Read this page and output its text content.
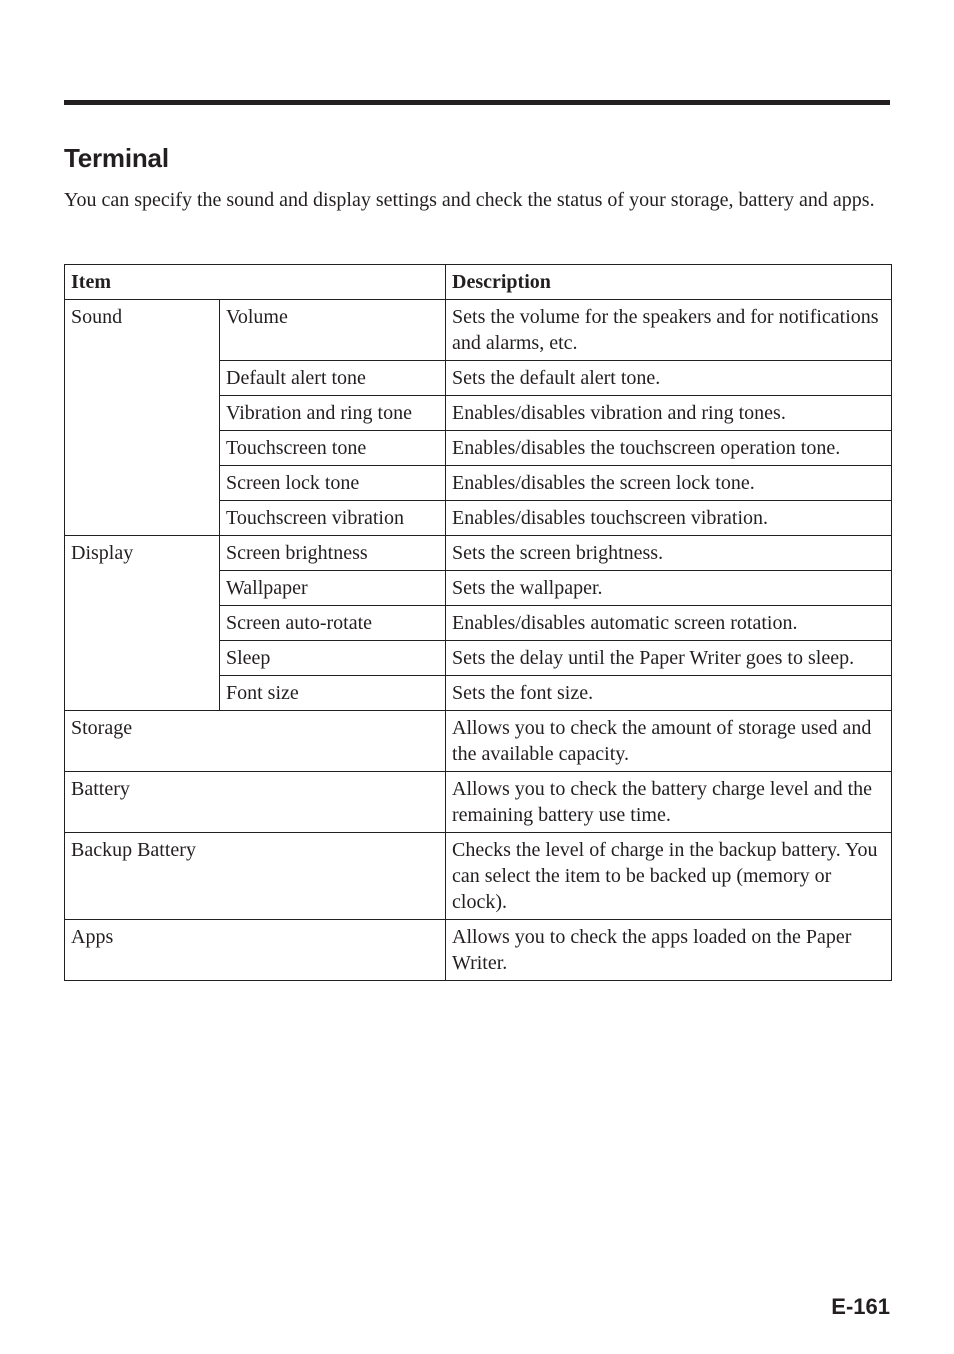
Terminal

You can specify the sound and display settings and check the status of your storage, battery and apps.

Item		Description
Sound	Volume	Sets the volume for the speakers and for notifications and alarms, etc.
	Default alert tone	Sets the default alert tone.
	Vibration and ring tone	Enables/disables vibration and ring tones.
	Touchscreen tone	Enables/disables the touchscreen operation tone.
	Screen lock tone	Enables/disables the screen lock tone.
	Touchscreen vibration	Enables/disables touchscreen vibration.
Display	Screen brightness	Sets the screen brightness.
	Wallpaper	Sets the wallpaper.
	Screen auto-rotate	Enables/disables automatic screen rotation.
	Sleep	Sets the delay until the Paper Writer goes to sleep.
	Font size	Sets the font size.
Storage		Allows you to check the amount of storage used and the available capacity.
Battery		Allows you to check the battery charge level and the remaining battery use time.
Backup Battery		Checks the level of charge in the backup battery. You can select the item to be backed up (memory or clock).
Apps		Allows you to check the apps loaded on the Paper Writer.
E-161
